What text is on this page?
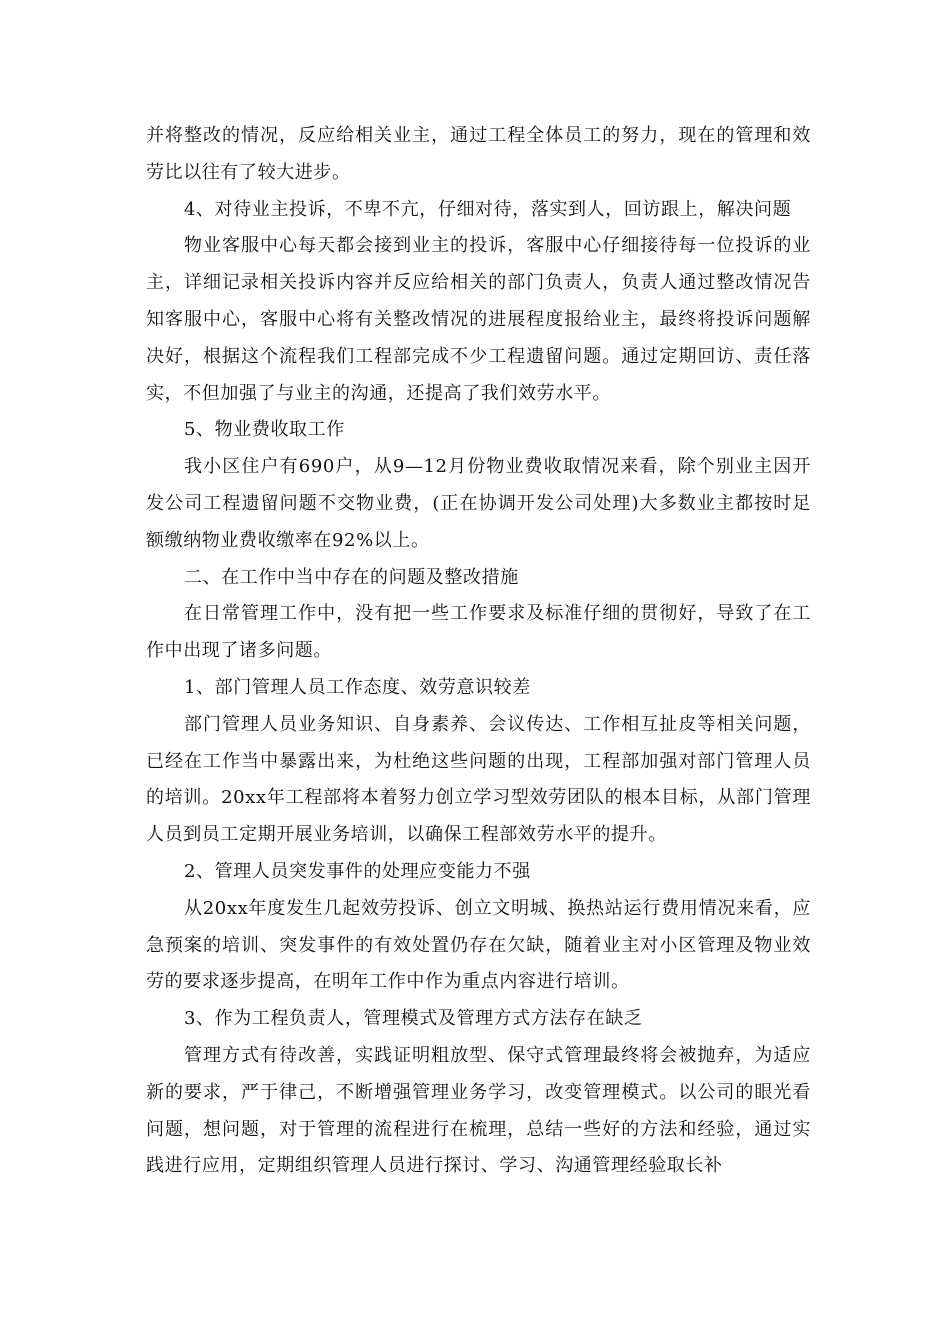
并将整改的情况，反应给相关业主，通过工程全体员工的努力，现在的管理和效劳比以往有了较大进步。

4、对待业主投诉，不卑不亢，仔细对待，落实到人，回访跟上，解决问题

物业客服中心每天都会接到业主的投诉，客服中心仔细接待每一位投诉的业主，详细记录相关投诉内容并反应给相关的部门负责人，负责人通过整改情况告知客服中心，客服中心将有关整改情况的进展程度报给业主，最终将投诉问题解决好，根据这个流程我们工程部完成不少工程遗留问题。通过定期回访、责任落实，不但加强了与业主的沟通，还提高了我们效劳水平。

5、物业费收取工作

我小区住户有690户，从9—12月份物业费收取情况来看，除个别业主因开发公司工程遗留问题不交物业费，(正在协调开发公司处理)大多数业主都按时足额缴纳物业费收缴率在92%以上。

二、在工作中当中存在的问题及整改措施

在日常管理工作中，没有把一些工作要求及标准仔细的贯彻好，导致了在工作中出现了诸多问题。

1、部门管理人员工作态度、效劳意识较差

部门管理人员业务知识、自身素养、会议传达、工作相互扯皮等相关问题，已经在工作当中暴露出来，为杜绝这些问题的出现，工程部加强对部门管理人员的培训。20xx年工程部将本着努力创立学习型效劳团队的根本目标，从部门管理人员到员工定期开展业务培训，以确保工程部效劳水平的提升。

2、管理人员突发事件的处理应变能力不强

从20xx年度发生几起效劳投诉、创立文明城、换热站运行费用情况来看，应急预案的培训、突发事件的有效处置仍存在欠缺，随着业主对小区管理及物业效劳的要求逐步提高，在明年工作中作为重点内容进行培训。

3、作为工程负责人，管理模式及管理方式方法存在缺乏

管理方式有待改善，实践证明粗放型、保守式管理最终将会被抛弃，为适应新的要求，严于律己，不断增强管理业务学习，改变管理模式。以公司的眼光看问题，想问题，对于管理的流程进行在梳理，总结一些好的方法和经验，通过实践进行应用，定期组织管理人员进行探讨、学习、沟通管理经验取长补
